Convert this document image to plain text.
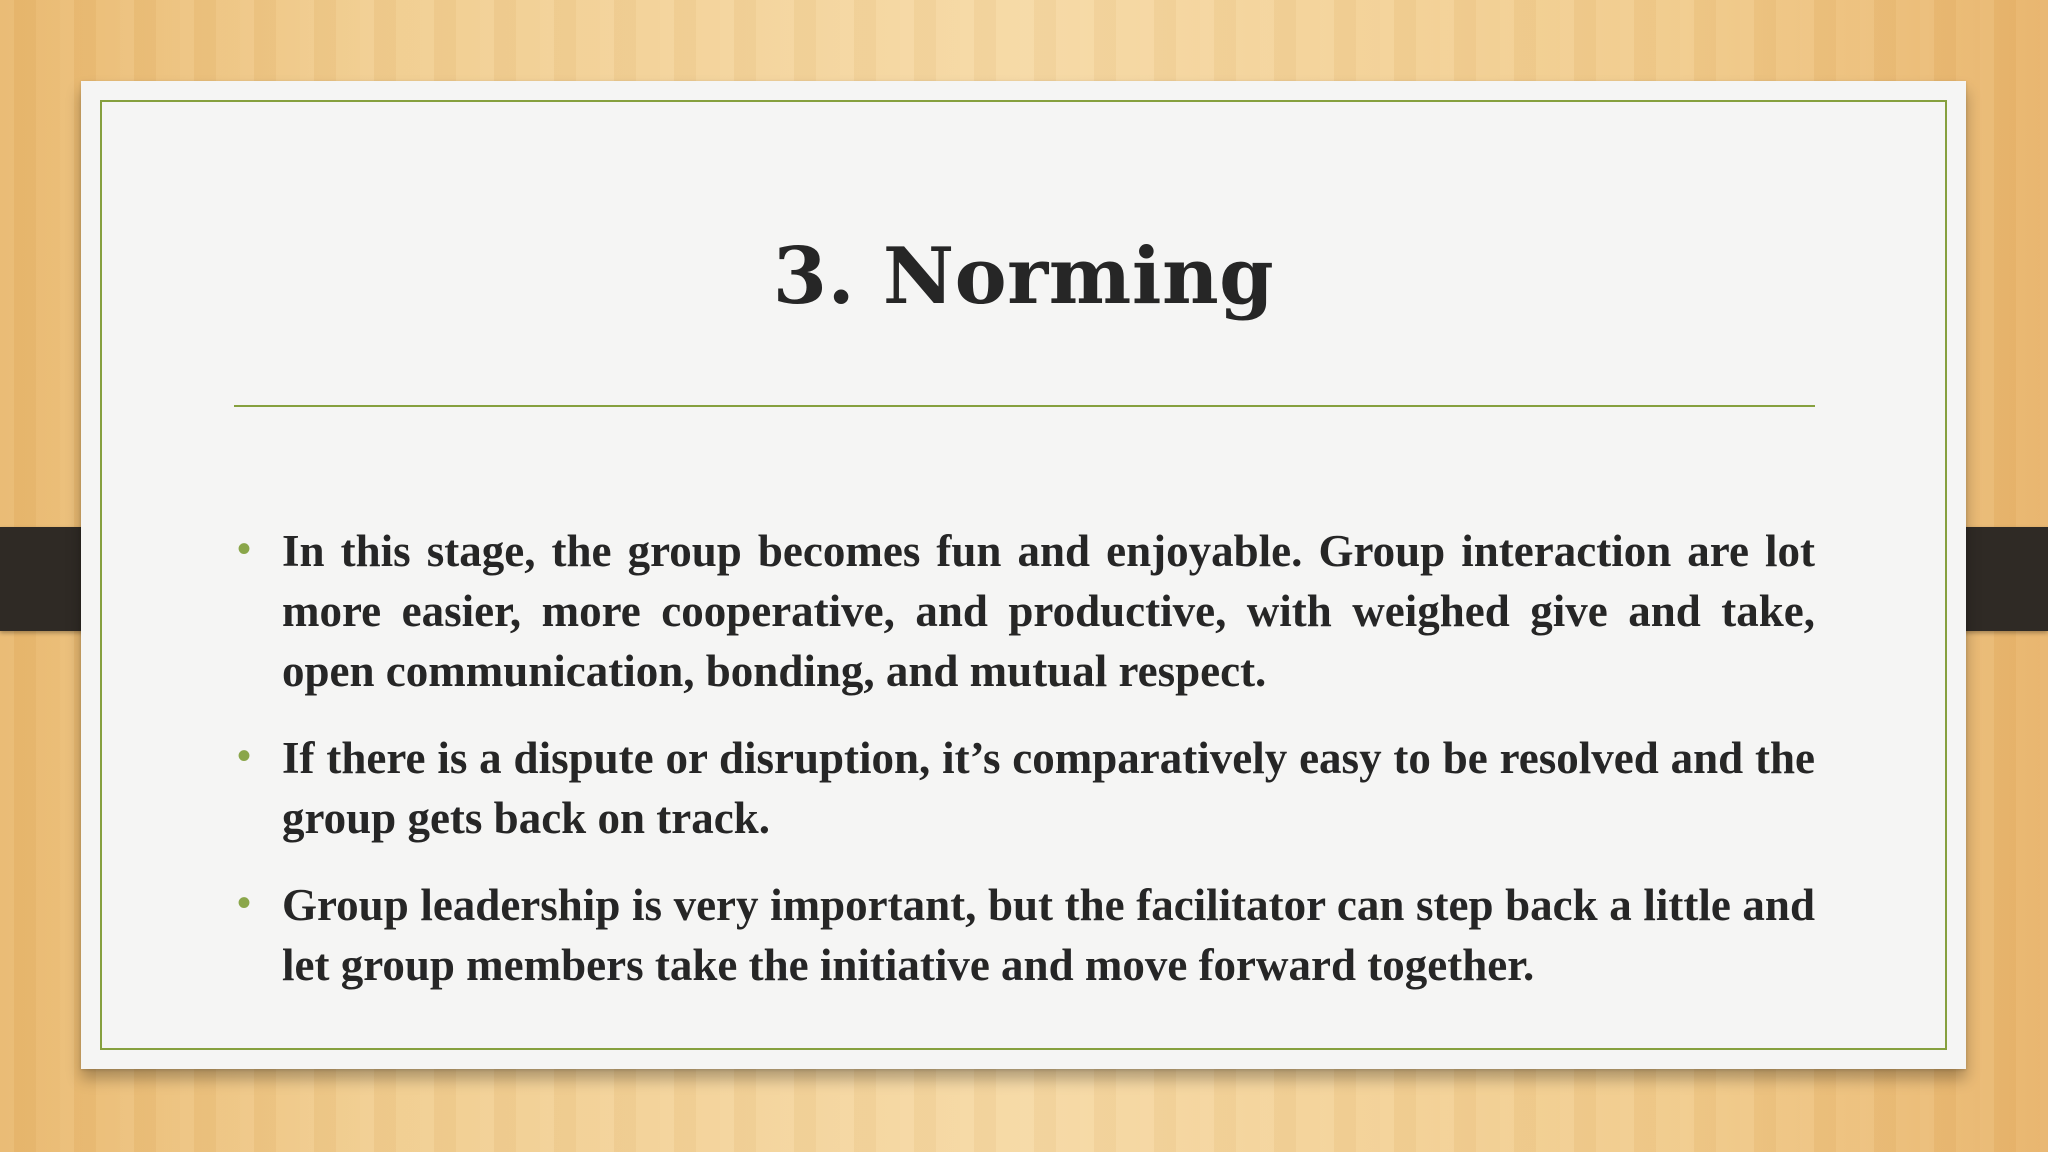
3. Norming
• In this stage, the group becomes fun and enjoyable. Group interaction are lot more easier, more cooperative, and productive, with weighed give and take, open communication, bonding, and mutual respect.
• If there is a dispute or disruption, it’s comparatively easy to be resolved and the group gets back on track.
• Group leadership is very important, but the facilitator can step back a little and let group members take the initiative and move forward together.
